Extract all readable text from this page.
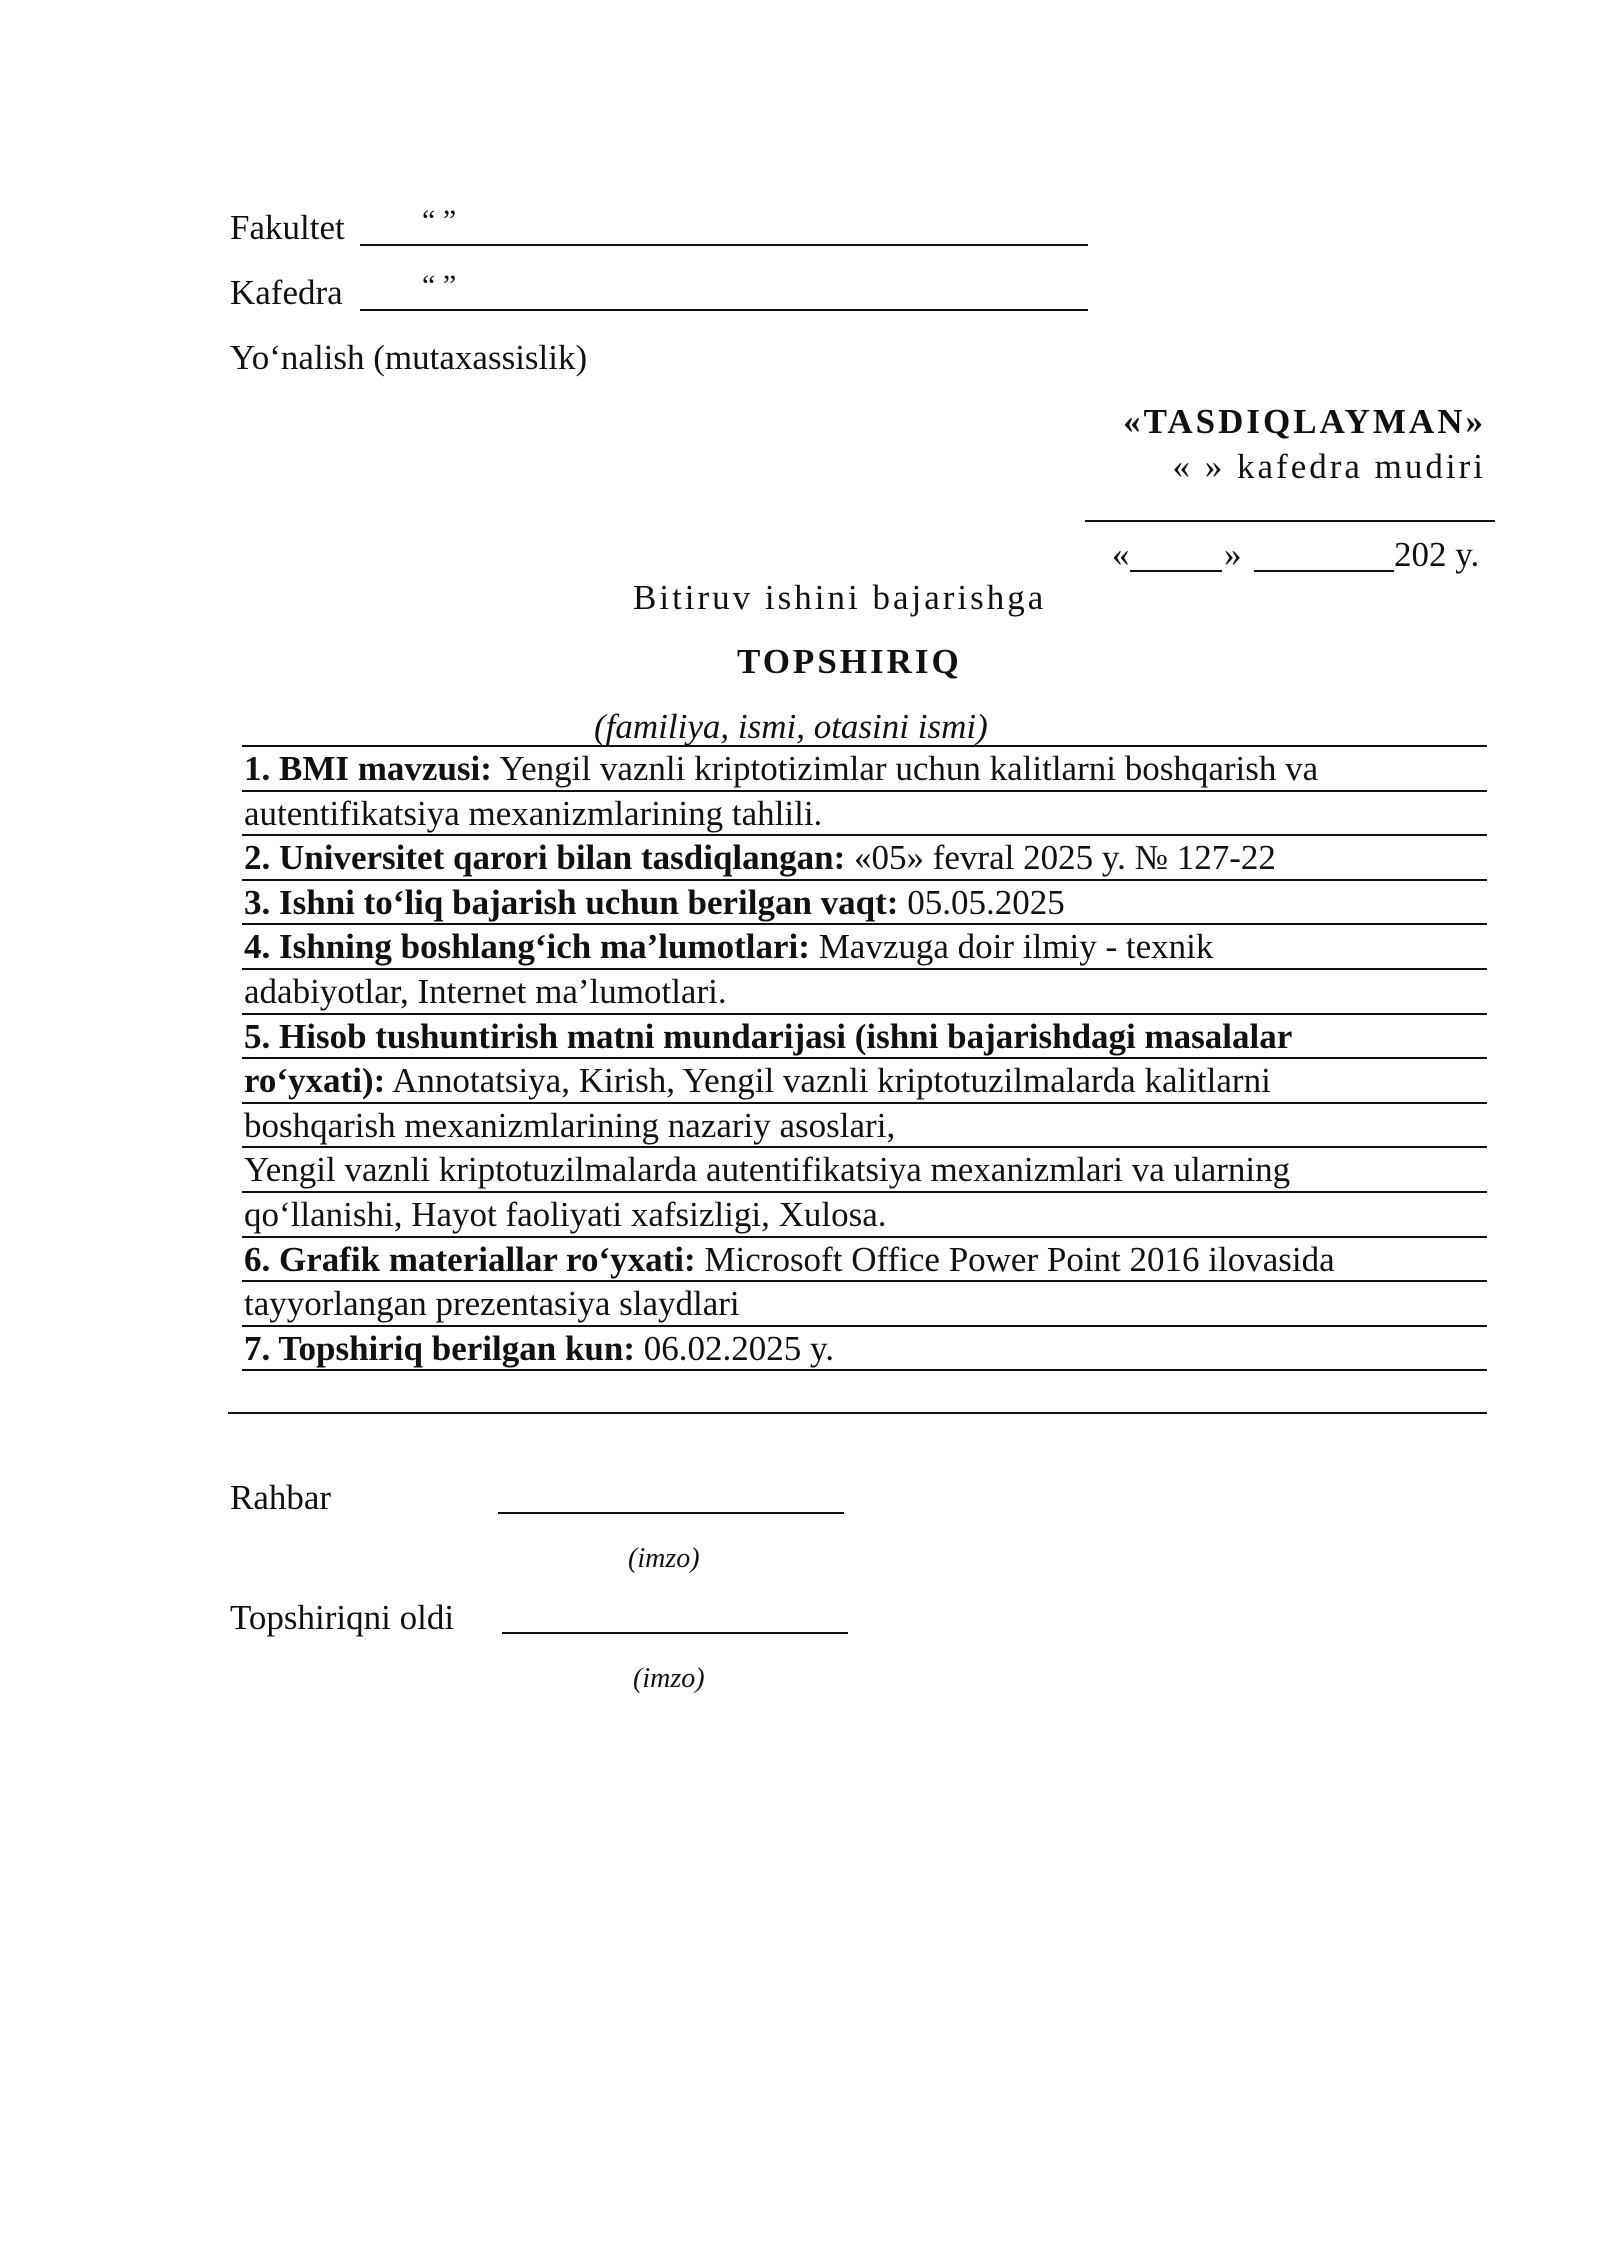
Fakultet	“ ”
Kafedra	“ ”
Yo‘nalish (mutaxassislik)
«TASDIQLAYMAN»
« » kafedra mudiri
«	»	202 y.
Bitiruv ishini bajarishga
TOPSHIRIQ
(familiya, ismi, otasini ismi)
1. BMI mavzusi: Yengil vaznli kriptotizimlar uchun kalitlarni boshqarish va
autentifikatsiya mexanizmlarining tahlili.
2. Universitet qarori bilan tasdiqlangan: «05» fevral 2025 y. № 127-22
3. Ishni to‘liq bajarish uchun berilgan vaqt: 05.05.2025
4. Ishning boshlang‘ich ma’lumotlari: Mavzuga doir ilmiy - texnik
adabiyotlar, Internet ma’lumotlari.
5. Hisob tushuntirish matni mundarijasi (ishni bajarishdagi masalalar
ro‘yxati): Annotatsiya, Kirish, Yengil vaznli kriptotuzilmalarda kalitlarni
boshqarish mexanizmlarining nazariy asoslari,
Yengil vaznli kriptotuzilmalarda autentifikatsiya mexanizmlari va ularning
qo‘llanishi, Hayot faoliyati xafsizligi, Xulosa.
6. Grafik materiallar ro‘yxati: Microsoft Office Power Point 2016 ilovasida
tayyorlangan prezentasiya slaydlari
7. Topshiriq berilgan kun: 06.02.2025 y.
Rahbar
(imzo)
Topshiriqni oldi
(imzo)
